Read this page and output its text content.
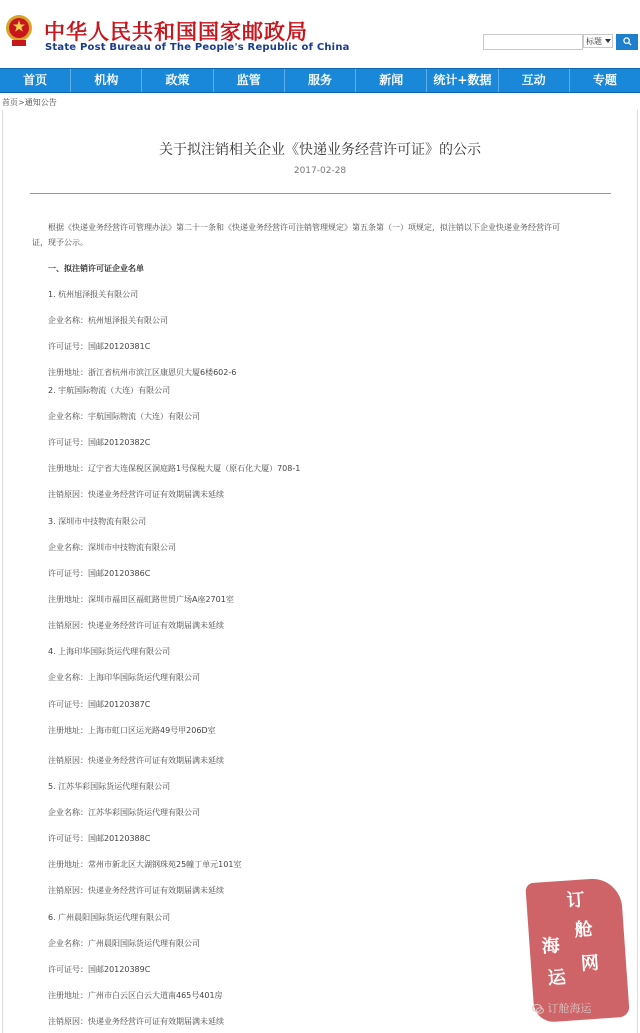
中华人民共和国国家邮政局
State Post Bureau of The People's Republic of China
标题
首页	机构	政策	监管	服务	新闻	统计+数据	互动	专题
首页>通知公告
关于拟注销相关企业《快递业务经营许可证》的公示
2017-02-28
根据《快递业务经营许可管理办法》第二十一条和《快递业务经营许可注销管理规定》第五条第（一）项规定，拟注销以下企业快递业务经营许可
证，现予公示。
一、拟注销许可证企业名单
1. 杭州旭泽报关有限公司
企业名称：杭州旭泽报关有限公司
许可证号：国邮20120381C
注册地址：浙江省杭州市滨江区康恩贝大厦6楼602-6
2. 宇航国际物流（大连）有限公司
企业名称：宇航国际物流（大连）有限公司
许可证号：国邮20120382C
注册地址：辽宁省大连保税区洞庭路1号保税大厦（原石化大厦）708-1
注销原因：快递业务经营许可证有效期届满未延续
3. 深圳市中技物流有限公司
企业名称：深圳市中技物流有限公司
许可证号：国邮20120386C
注册地址：深圳市福田区福虹路世贸广场A座2701室
注销原因：快递业务经营许可证有效期届满未延续
4. 上海印华国际货运代理有限公司
企业名称：上海印华国际货运代理有限公司
许可证号：国邮20120387C
注册地址：上海市虹口区运光路49号甲206D室
注销原因：快递业务经营许可证有效期届满未延续
5. 江苏华彩国际货运代理有限公司
企业名称：江苏华彩国际货运代理有限公司
许可证号：国邮20120388C
注册地址：常州市新北区大湖钢珠苑25幢丁单元101室
注销原因：快递业务经营许可证有效期届满未延续
6. 广州晨阳国际货运代理有限公司
企业名称：广州晨阳国际货运代理有限公司
许可证号：国邮20120389C
注册地址：广州市白云区白云大道南465号401房
注销原因：快递业务经营许可证有效期届满未延续
订
舱
海
运
网
订舱海运
